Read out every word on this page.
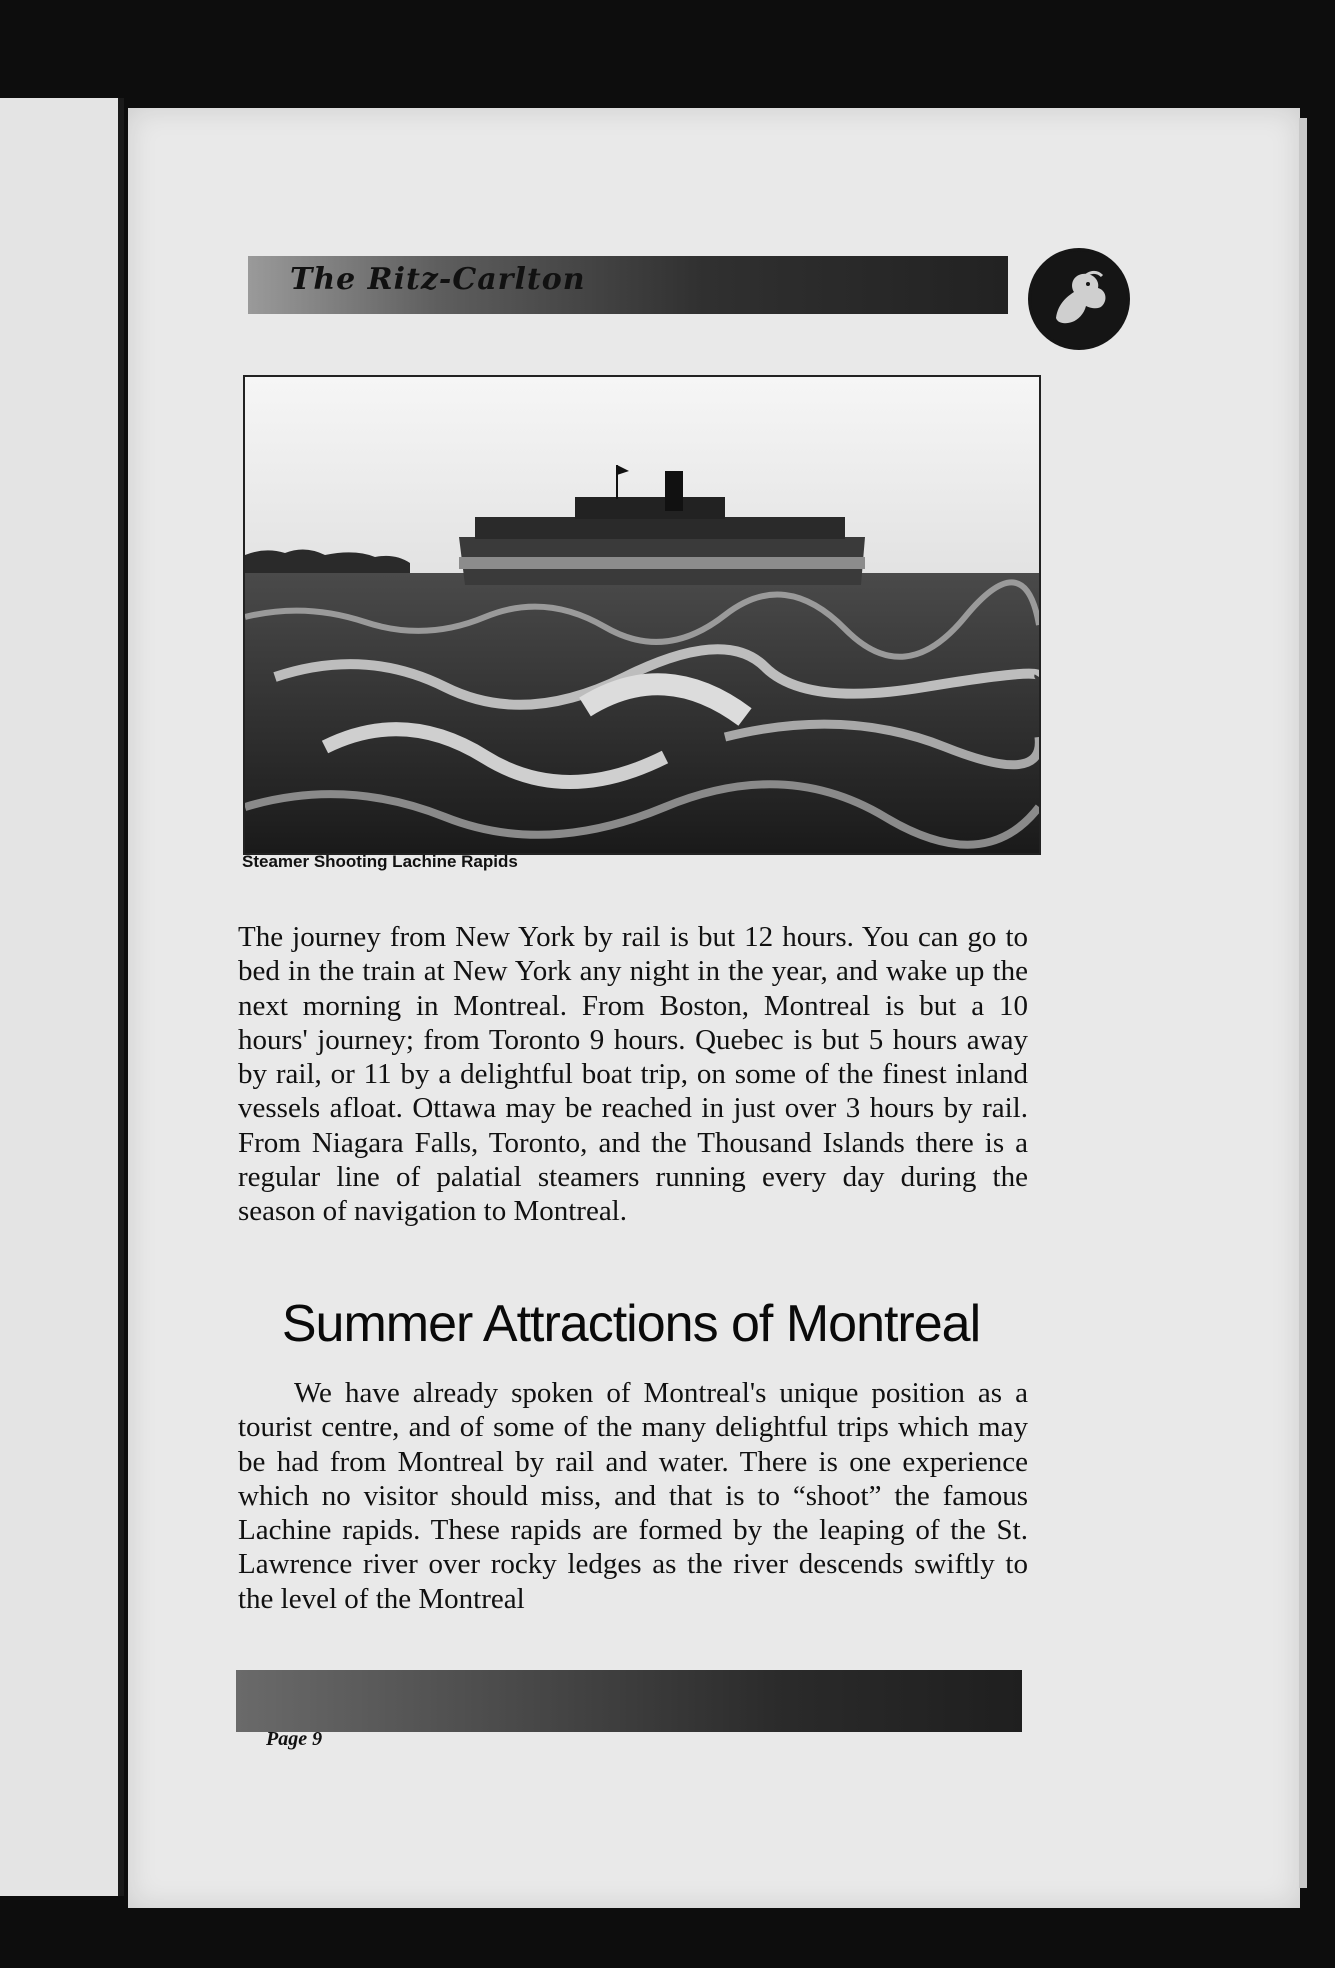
The Ritz-Carlton
Steamer Shooting Lachine Rapids
The journey from New York by rail is but 12 hours. You can go to bed in the train at New York any night in the year, and wake up the next morning in Montreal. From Boston, Montreal is but a 10 hours' journey; from Toronto 9 hours. Quebec is but 5 hours away by rail, or 11 by a delightful boat trip, on some of the finest inland vessels afloat. Ottawa may be reached in just over 3 hours by rail. From Niagara Falls, Toronto, and the Thousand Islands there is a regular line of palatial steamers running every day during the season of navigation to Montreal.
Summer Attractions of Montreal
We have already spoken of Montreal's unique position as a tourist centre, and of some of the many delightful trips which may be had from Montreal by rail and water. There is one experience which no visitor should miss, and that is to “shoot” the famous Lachine rapids. These rapids are formed by the leaping of the St. Lawrence river over rocky ledges as the river descends swiftly to the level of the Montreal
Page 9
